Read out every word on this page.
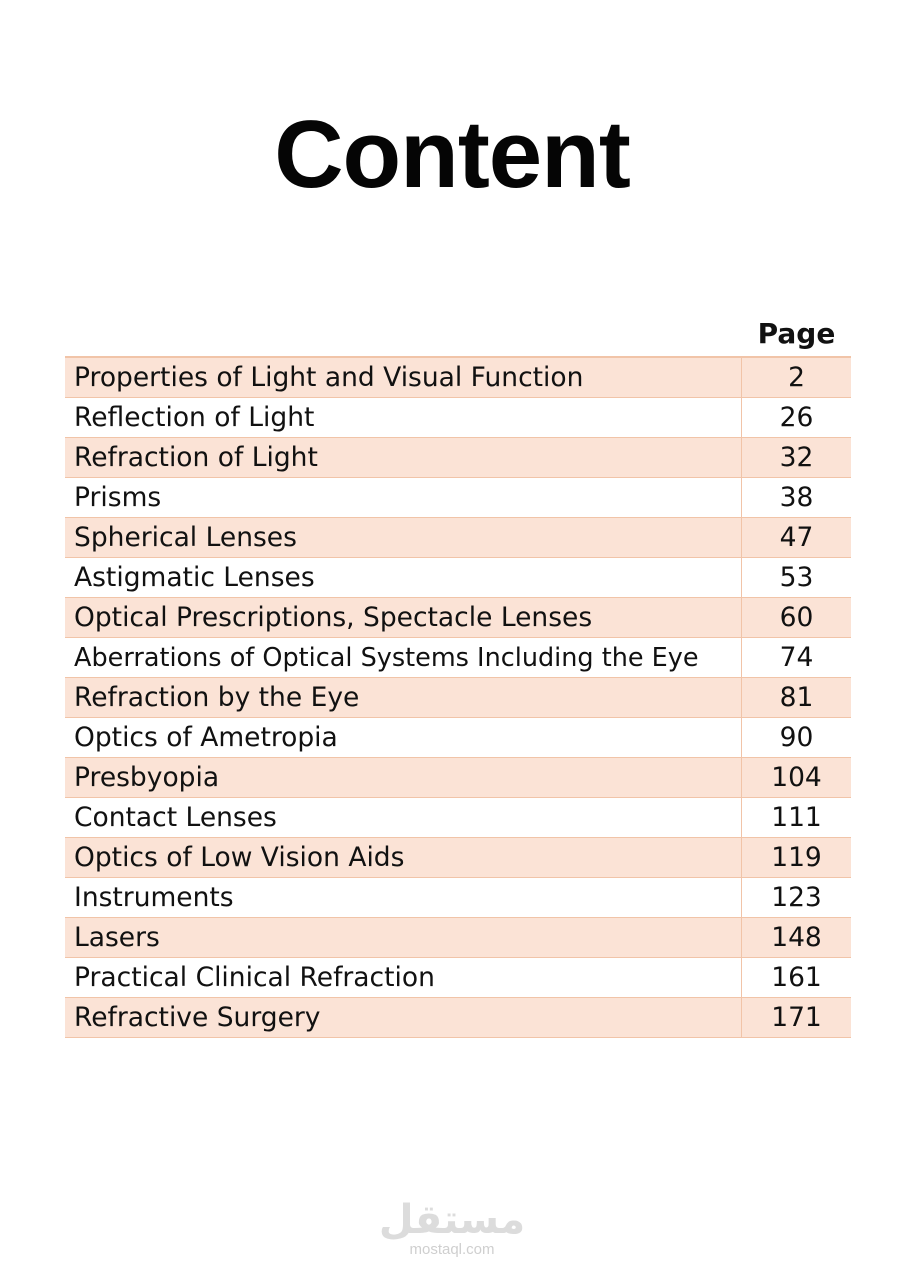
Content
Page
Properties of Light and Visual Function	2
Reflection of Light	26
Refraction of Light	32
Prisms	38
Spherical Lenses	47
Astigmatic Lenses	53
Optical Prescriptions, Spectacle Lenses	60
Aberrations of Optical Systems Including the Eye	74
Refraction by the Eye	81
Optics of Ametropia	90
Presbyopia	104
Contact Lenses	111
Optics of Low Vision Aids	119
Instruments	123
Lasers	148
Practical Clinical Refraction	161
Refractive Surgery	171
مستقل
mostaql.com
